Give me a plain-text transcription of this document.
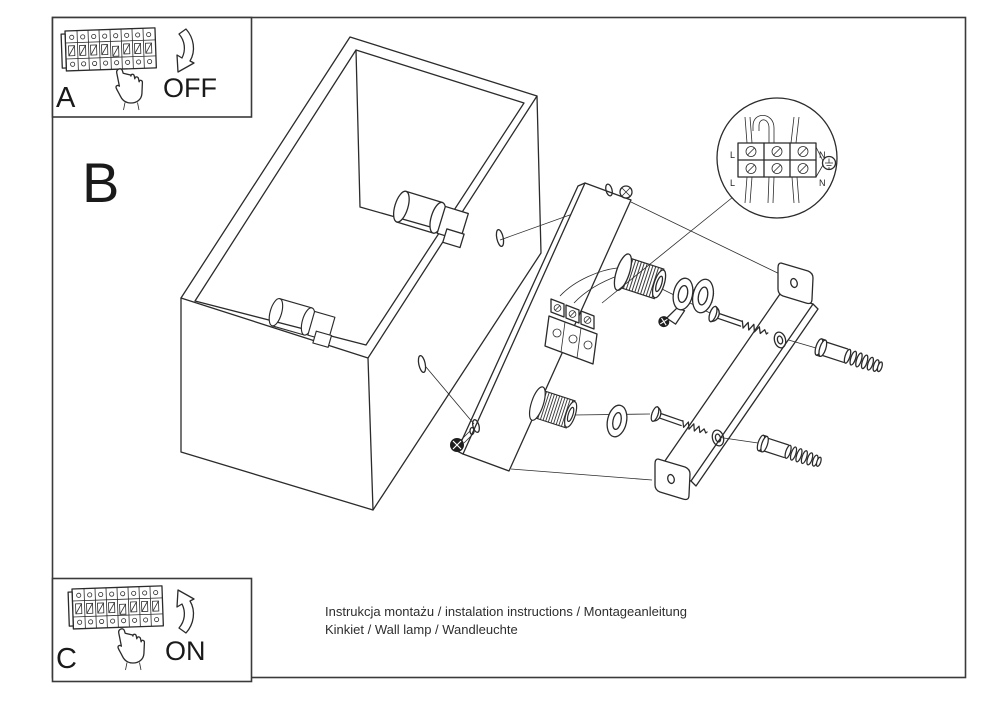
L	N
L	N
A	OFF
B
C	ON
Instrukcja montażu / instalation instructions / Montageanleitung
Kinkiet / Wall lamp / Wandleuchte
